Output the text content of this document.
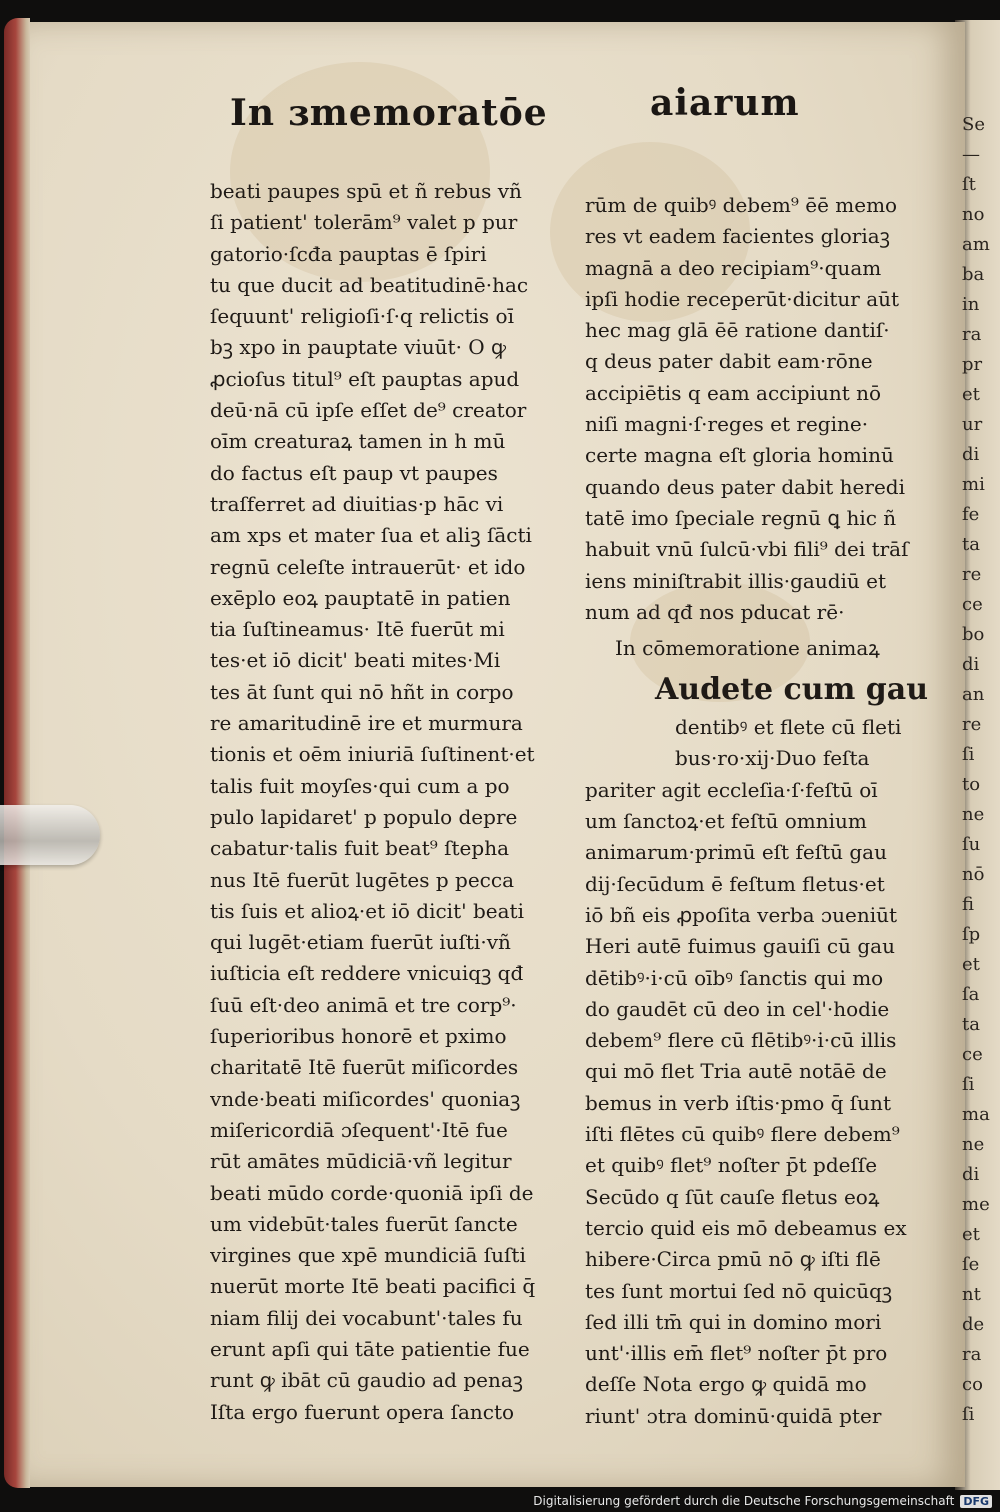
Se
—
ſt
no
am
ba
in
ra
pr
et
ur
di
mi
fe
ta
re
ce
bo
di
an
re
ſi
to
ne
ſu
nō
fi
ſp
et
ſa
ta
ce
ſi
ma
ne
di
me
et
ſe
nt
de
ra
co
ſi
In ɜmemoratōe	aiarum
beati paupes spū et ñ rebus vñ
ſi patient' tolerām⁹ valet p pur
gatorio·ſcđa pauptas ē ſpiri
tu que ducit ad beatitudinē·hac
ſequunt' religioſi·ſ·q relictis oī
bꝫ xpo in pauptate viuūt· O ꝙ
ꝓcioſus titul⁹ eſt pauptas apud
deū·nā cū ipſe eſſet de⁹ creator
oīm creaturaꝝ tamen in h mū
do factus eſt paup vt paupes
traſferret ad diuitias·p hāc vi
am xps et mater ſua et aliꝫ ſācti
regnū celeſte intrauerūt· et ido
exēplo eoꝝ pauptatē in patien
tia ſuſtineamus· Itē fuerūt mi
tes·et iō dicit' beati mites·Mi
tes āt ſunt qui nō hñt in corpo
re amaritudinē ire et murmura
tionis et oēm iniuriā ſuſtinent·et
talis fuit moyſes·qui cum a po
pulo lapidaret' p populo depre
cabatur·talis fuit beat⁹ ſtepha
nus Itē fuerūt lugētes p pecca
tis ſuis et alioꝝ·et iō dicit' beati
qui lugēt·etiam fuerūt iuſti·vñ
iuſticia eſt reddere vnicuiqꝫ qđ
ſuū eſt·deo animā et tre corp⁹·
ſuperioribus honorē et pximo
charitatē Itē fuerūt miſicordes
vnde·beati miſicordes' quoniaꝫ
miſericordiā ɔſequent'·Itē fue
rūt amātes mūdiciā·vñ legitur
beati mūdo corde·quoniā ipſi de
um videbūt·tales fuerūt ſancte
virgines que xpē mundiciā ſuſti
nuerūt morte Itē beati pacifici q̄
niam filij dei vocabunt'·tales fu
erunt apſi qui tāte patientie fue
runt ꝙ ibāt cū gaudio ad penaꝫ
Iſta ergo fuerunt opera ſancto
rūm de quibꝰ debem⁹ ēē memo
res vt eadem facientes gloriaꝫ
magnā a deo recipiam⁹·quam
ipſi hodie receperūt·dicitur aūt
hec mag glā ēē ratione dantiſ·
q deus pater dabit eam·rōne
accipiētis q eam accipiunt nō
niſi magni·ſ·reges et regine·
certe magna eſt gloria hominū
quando deus pater dabit heredi
tatē imo ſpeciale regnū ꝗ hic ñ
habuit vnū ſulcū·vbi fili⁹ dei trāſ
iens miniſtrabit illis·gaudiū et
num ad qđ nos pducat rē·
In cōmemoratione animaꝝ
Audete cum gau
dentibꝰ et flete cū fleti
bus·ro·xij·Duo feſta
pariter agit eccleſia·ſ·feſtū oī
um ſanctoꝝ·et feſtū omnium
animarum·primū eſt feſtū gau
dij·ſecūdum ē feſtum fletus·et
iō bñ eis ꝓpoſita verba ɔueniūt
Heri autē fuimus gauiſi cū gau
dētibꝰ·i·cū oībꝰ ſanctis qui mo
do gaudēt cū deo in cel'·hodie
debem⁹ flere cū flētibꝰ·i·cū illis
qui mō flet Tria autē notāē de
bemus in verb iſtis·pmo q̄ ſunt
iſti flētes cū quibꝰ flere debem⁹
et quibꝰ flet⁹ noſter p̄t pdeſſe
Secūdo q ſūt cauſe fletus eoꝝ
tercio quid eis mō debeamus ex
hibere·Circa pmū nō ꝙ iſti flē
tes ſunt mortui ſed nō quicūqꝫ
ſed illi tm̄ qui in domino mori
unt'·illis em̄ flet⁹ noſter p̄t pro
deſſe Nota ergo ꝙ quidā mo
riunt' ɔtra dominū·quidā pter
Digitalisierung gefördert durch die Deutsche Forschungsgemeinschaft DFG
